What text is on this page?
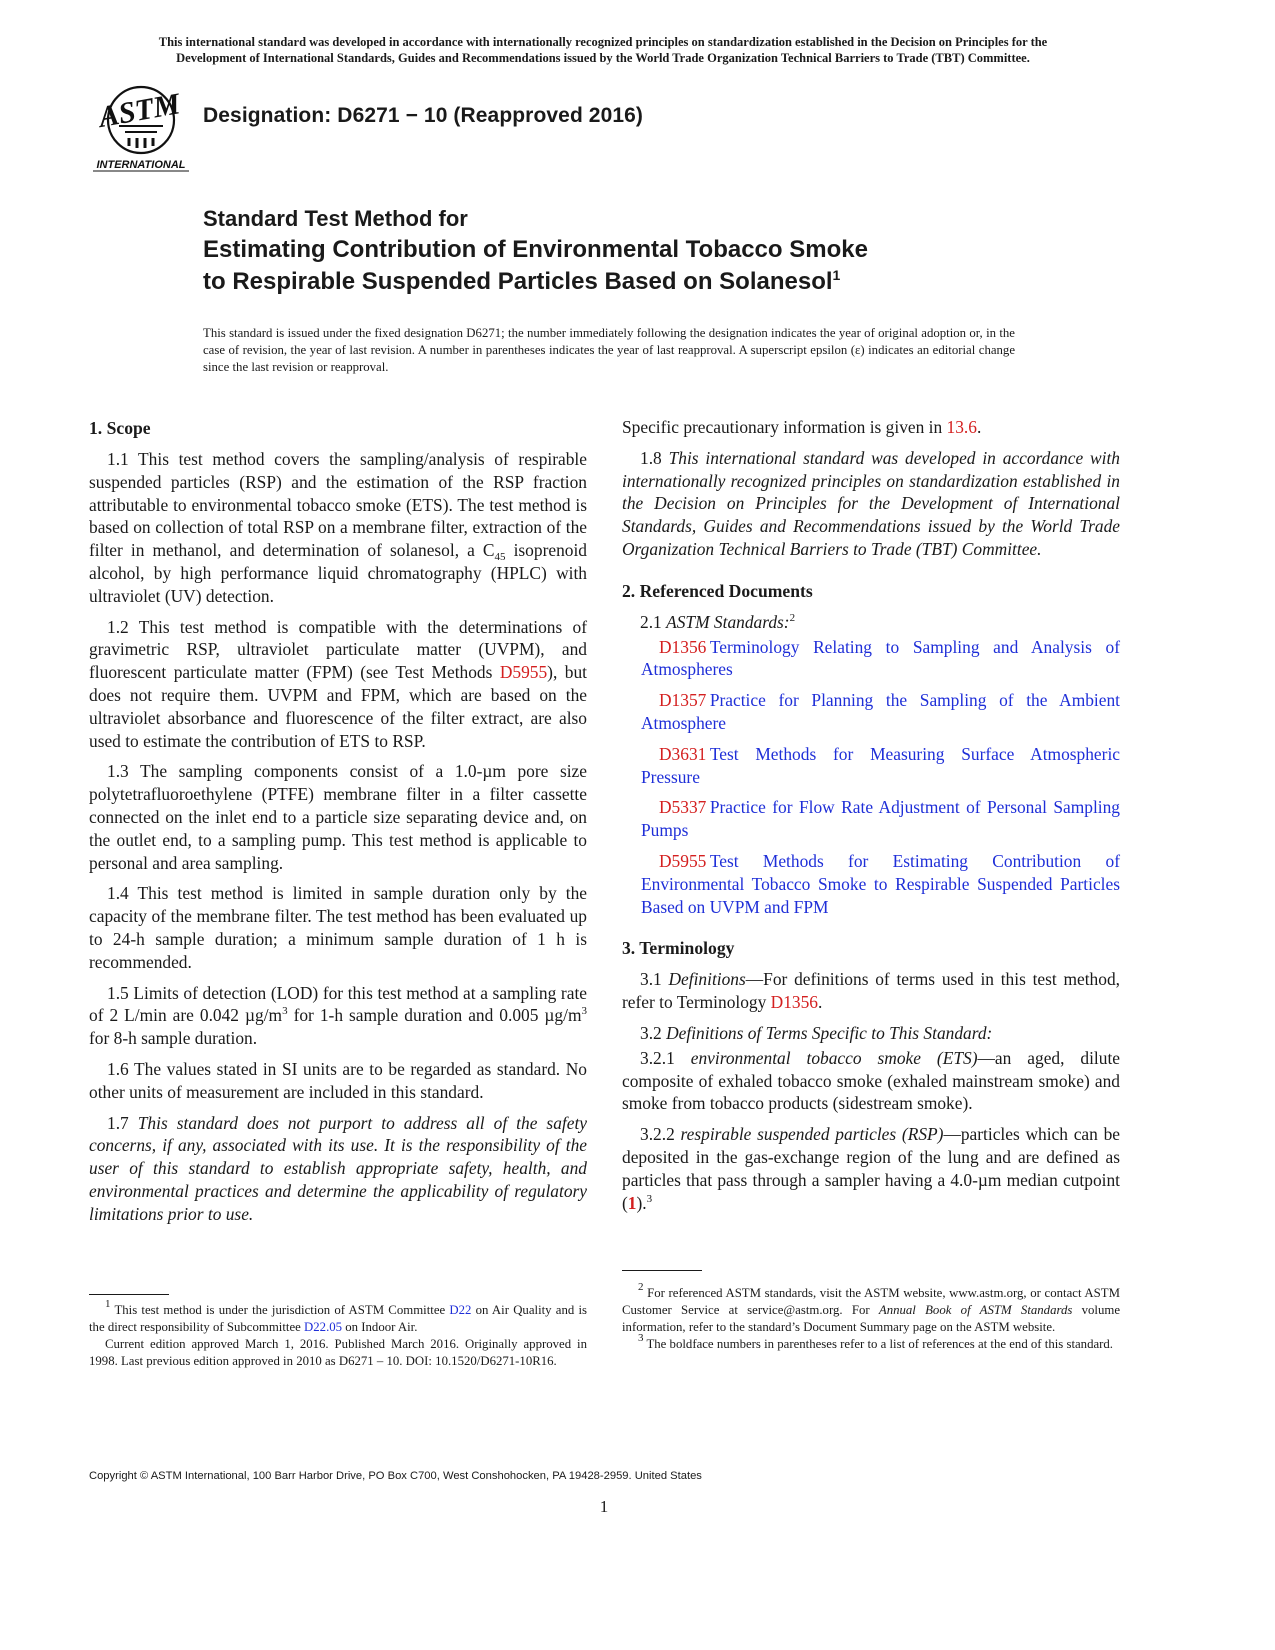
This international standard was developed in accordance with internationally recognized principles on standardization established in the Decision on Principles for the
Development of International Standards, Guides and Recommendations issued by the World Trade Organization Technical Barriers to Trade (TBT) Committee.
ASTM
INTERNATIONAL
Designation: D6271 − 10 (Reapproved 2016)
Standard Test Method for
Estimating Contribution of Environmental Tobacco Smoke
to Respirable Suspended Particles Based on Solanesol$^1$
This standard is issued under the fixed designation D6271; the number immediately following the designation indicates the year of original adoption or, in the case of revision, the year of last revision. A number in parentheses indicates the year of last reapproval. A superscript epsilon (ε) indicates an editorial change since the last revision or reapproval.
1. Scope

1.1 This test method covers the sampling/analysis of respirable suspended particles (RSP) and the estimation of the RSP fraction attributable to environmental tobacco smoke (ETS). The test method is based on collection of total RSP on a membrane filter, extraction of the filter in methanol, and determination of solanesol, a $C_{45}$ isoprenoid alcohol, by high performance liquid chromatography (HPLC) with ultraviolet (UV) detection.

1.2 This test method is compatible with the determinations of gravimetric RSP, ultraviolet particulate matter (UVPM), and fluorescent particulate matter (FPM) (see Test Methods D5955), but does not require them. UVPM and FPM, which are based on the ultraviolet absorbance and fluorescence of the filter extract, are also used to estimate the contribution of ETS to RSP.

1.3 The sampling components consist of a 1.0-µm pore size polytetrafluoroethylene (PTFE) membrane filter in a filter cassette connected on the inlet end to a particle size separating device and, on the outlet end, to a sampling pump. This test method is applicable to personal and area sampling.

1.4 This test method is limited in sample duration only by the capacity of the membrane filter. The test method has been evaluated up to 24-h sample duration; a minimum sample duration of 1 h is recommended.

1.5 Limits of detection (LOD) for this test method at a sampling rate of 2 L/min are 0.042 $\mu g/m^3$ for 1-h sample duration and 0.005 $\mu g/m^3$ for 8-h sample duration.

1.6 The values stated in SI units are to be regarded as standard. No other units of measurement are included in this standard.

1.7 This standard does not purport to address all of the safety concerns, if any, associated with its use. It is the responsibility of the user of this standard to establish appropriate safety, health, and environmental practices and determine the applicability of regulatory limitations prior to use.

Specific precautionary information is given in 13.6.

1.8 This international standard was developed in accordance with internationally recognized principles on standardization established in the Decision on Principles for the Development of International Standards, Guides and Recommendations issued by the World Trade Organization Technical Barriers to Trade (TBT) Committee.

2. Referenced Documents

2.1 ASTM Standards:$^2$

D1356  Terminology Relating to Sampling and Analysis of Atmospheres

D1357  Practice for Planning the Sampling of the Ambient Atmosphere

D3631  Test Methods for Measuring Surface Atmospheric Pressure

D5337  Practice for Flow Rate Adjustment of Personal Sampling Pumps

D5955  Test Methods for Estimating Contribution of Environmental Tobacco Smoke to Respirable Suspended Particles Based on UVPM and FPM

3. Terminology

3.1 Definitions—For definitions of terms used in this test method, refer to Terminology D1356.

3.2 Definitions of Terms Specific to This Standard:

3.2.1 environmental tobacco smoke (ETS)—an aged, dilute composite of exhaled tobacco smoke (exhaled mainstream smoke) and smoke from tobacco products (sidestream smoke).

3.2.2 respirable suspended particles (RSP)—particles which can be deposited in the gas-exchange region of the lung and are defined as particles that pass through a sampler having a 4.0-µm median cutpoint (1).$^3$

$^1$ This test method is under the jurisdiction of ASTM Committee D22 on Air Quality and is the direct responsibility of Subcommittee D22.05 on Indoor Air.

Current edition approved March 1, 2016. Published March 2016. Originally approved in 1998. Last previous edition approved in 2010 as D6271 – 10. DOI: 10.1520/D6271-10R16.

$^2$ For referenced ASTM standards, visit the ASTM website, www.astm.org, or contact ASTM Customer Service at service@astm.org. For Annual Book of ASTM Standards volume information, refer to the standard’s Document Summary page on the ASTM website.

$^3$ The boldface numbers in parentheses refer to a list of references at the end of this standard.

Copyright © ASTM International, 100 Barr Harbor Drive, PO Box C700, West Conshohocken, PA 19428-2959. United States
1
